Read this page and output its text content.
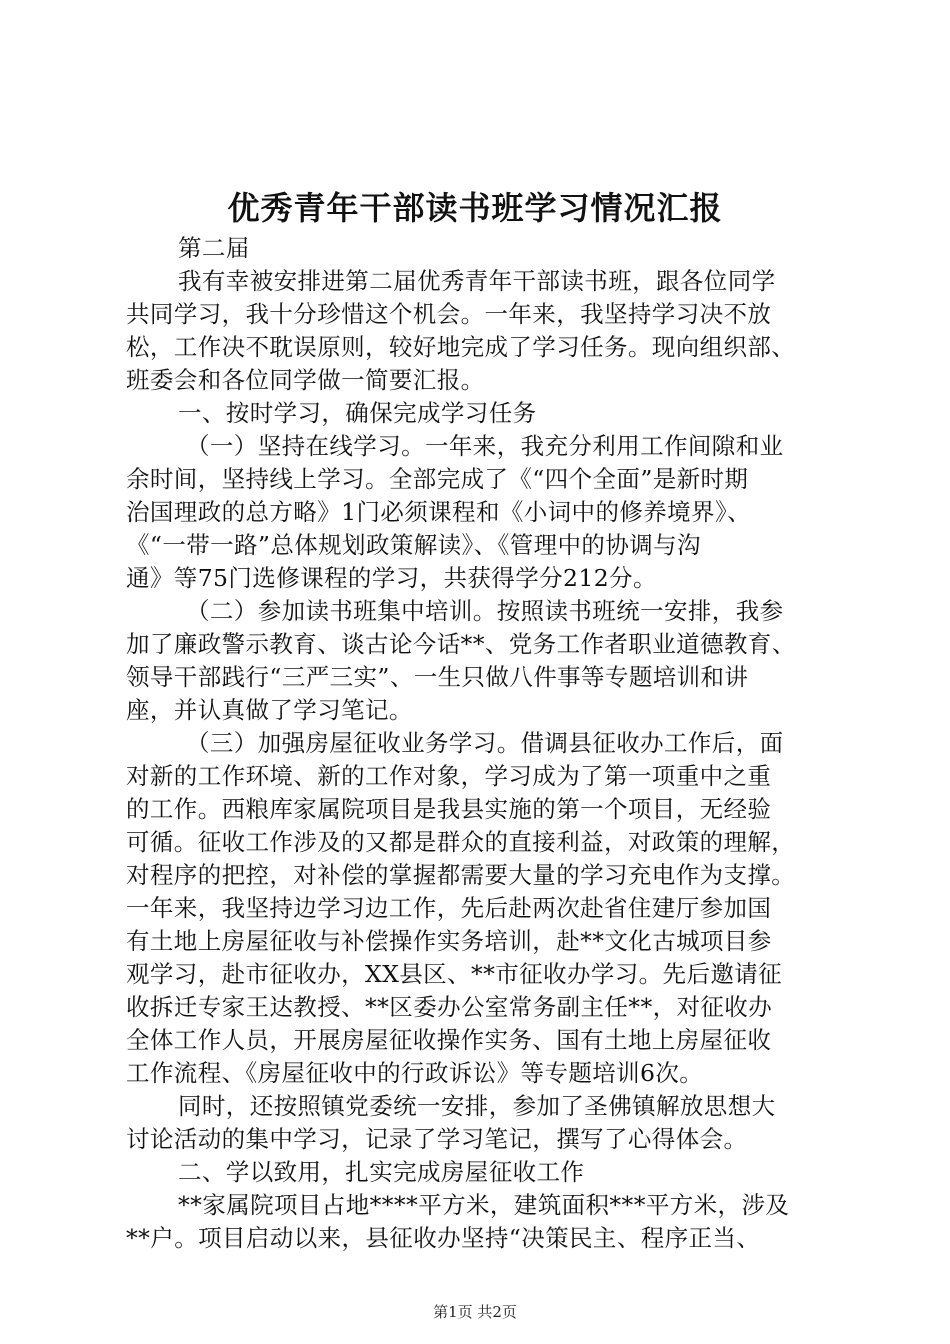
优秀青年干部读书班学习情况汇报
第二届
我有幸被安排进第二届优秀青年干部读书班，跟各位同学
共同学习，我十分珍惜这个机会。一年来，我坚持学习决不放
松，工作决不耽误原则，较好地完成了学习任务。现向组织部、
班委会和各位同学做一简要汇报。
一、按时学习，确保完成学习任务
（一）坚持在线学习。一年来，我充分利用工作间隙和业
余时间，坚持线上学习。全部完成了《“四个全面”是新时期
治国理政的总方略》1门必须课程和《小词中的修养境界》、
《“一带一路”总体规划政策解读》、《管理中的协调与沟
通》等75门选修课程的学习，共获得学分212分。
（二）参加读书班集中培训。按照读书班统一安排，我参
加了廉政警示教育、谈古论今话**、党务工作者职业道德教育、
领导干部践行“三严三实”、一生只做八件事等专题培训和讲
座，并认真做了学习笔记。
（三）加强房屋征收业务学习。借调县征收办工作后，面
对新的工作环境、新的工作对象，学习成为了第一项重中之重
的工作。西粮库家属院项目是我县实施的第一个项目，无经验
可循。征收工作涉及的又都是群众的直接利益，对政策的理解，
对程序的把控，对补偿的掌握都需要大量的学习充电作为支撑。
一年来，我坚持边学习边工作，先后赴两次赴省住建厅参加国
有土地上房屋征收与补偿操作实务培训，赴**文化古城项目参
观学习，赴市征收办，XX县区、**市征收办学习。先后邀请征
收拆迁专家王达教授、**区委办公室常务副主任**，对征收办
全体工作人员，开展房屋征收操作实务、国有土地上房屋征收
工作流程、《房屋征收中的行政诉讼》等专题培训6次。
同时，还按照镇党委统一安排，参加了圣佛镇解放思想大
讨论活动的集中学习，记录了学习笔记，撰写了心得体会。
二、学以致用，扎实完成房屋征收工作
**家属院项目占地****平方米，建筑面积***平方米，涉及
**户。项目启动以来，县征收办坚持“决策民主、程序正当、
第1页 共2页
